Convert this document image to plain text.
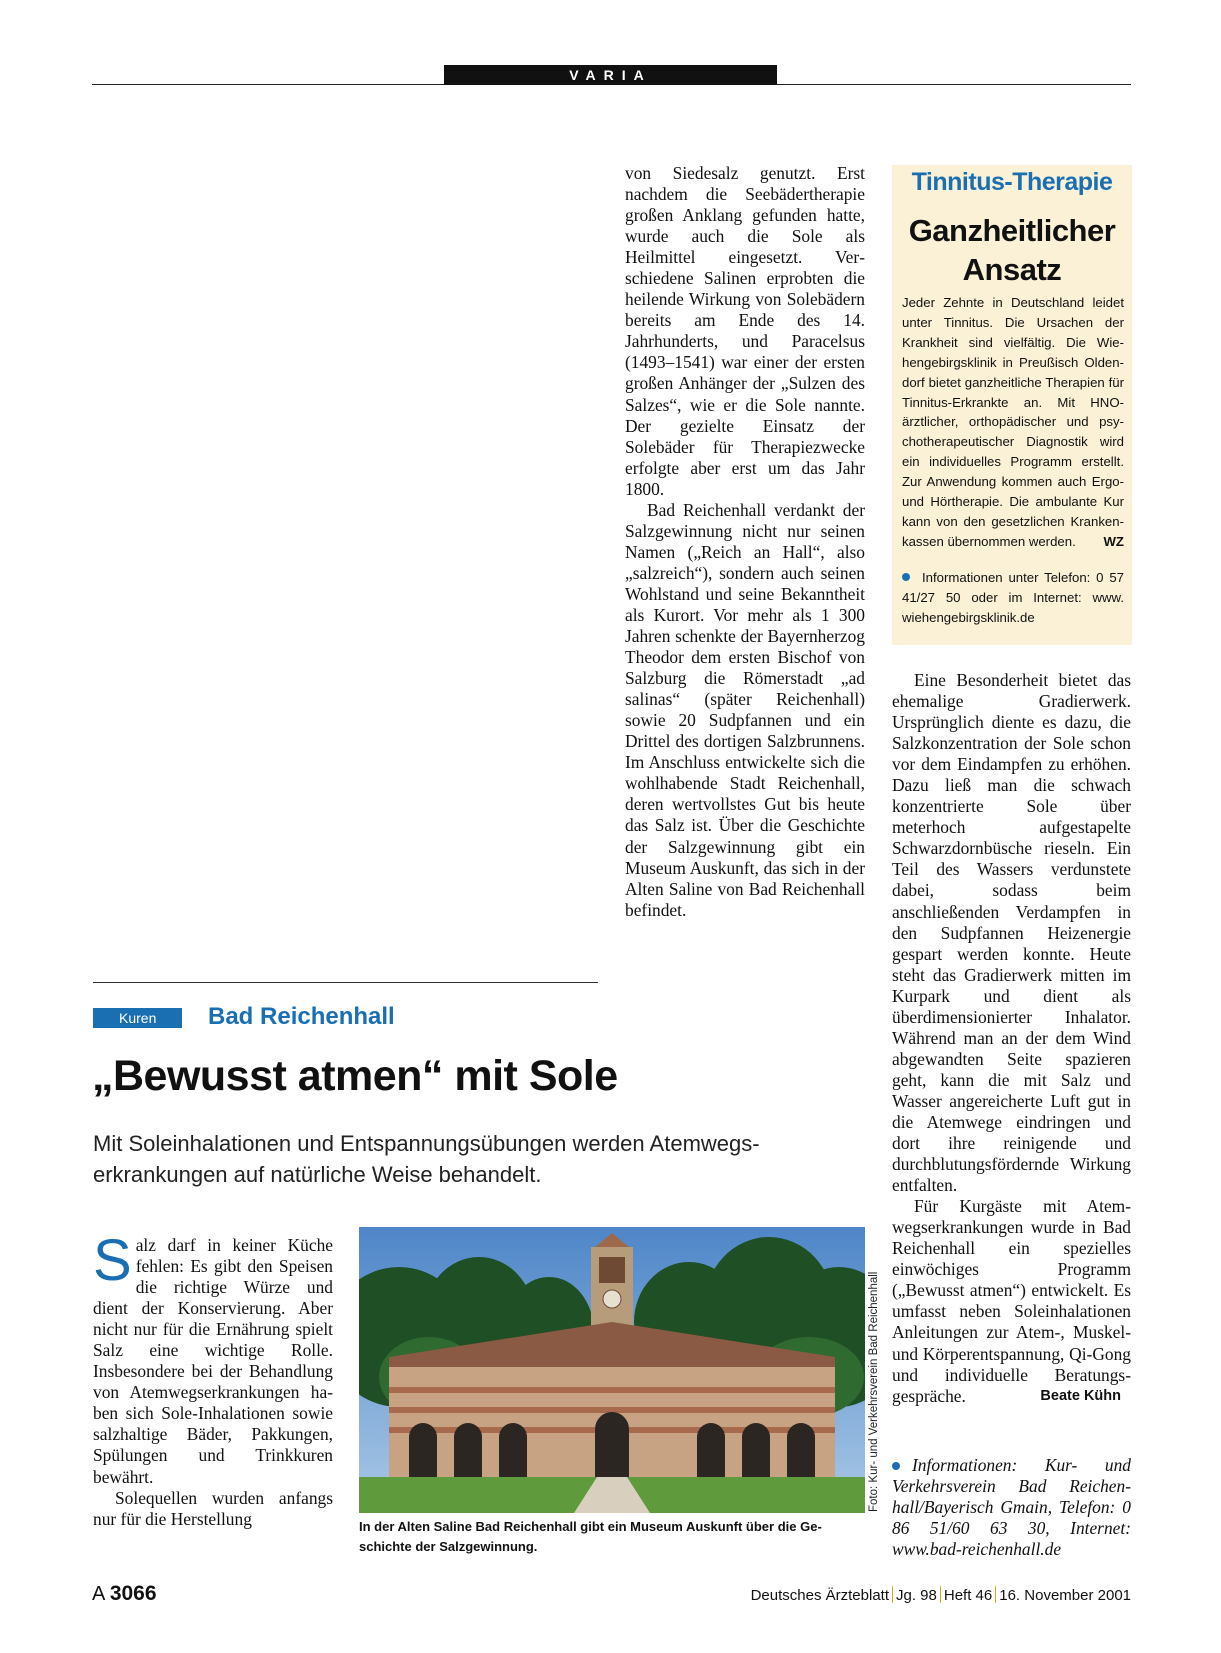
VARIA

von Siedesalz genutzt. Erst nachdem die Seebädertherapie großen Anklang gefunden hatte, wurde auch die Sole als Heilmittel eingesetzt. Verschiedene Salinen erprobten die heilende Wirkung von Solebädern bereits am Ende des 14. Jahrhunderts, und Paracelsus (1493–1541) war einer der ersten großen Anhänger der „Sulzen des Salzes“, wie er die Sole nannte. Der gezielte Einsatz der Solebäder für Therapiezwecke erfolgte aber erst um das Jahr 1800.

Bad Reichenhall verdankt der Salzgewinnung nicht nur seinen Namen („Reich an Hall“, also „salzreich“), sondern auch seinen Wohlstand und seine Bekanntheit als Kurort. Vor mehr als 1 300 Jahren schenkte der Bayernherzog Theodor dem ersten Bischof von Salzburg die Römerstadt „ad salinas“ (später Reichenhall) sowie 20 Sudpfannen und ein Drittel des dortigen Salzbrunnens. Im Anschluss entwickelte sich die wohlhabende Stadt Reichenhall, deren wertvollstes Gut bis heute das Salz ist. Über die Geschichte der Salzgewinnung gibt ein Museum Auskunft, das sich in der Alten Saline von Bad Reichenhall befindet.

Tinnitus-Therapie
Ganzheitlicher Ansatz
Jeder Zehnte in Deutschland leidet unter Tinnitus. Die Ursachen der Krankheit sind vielfältig. Die Wiehengebirgsklinik in Preußisch Oldendorf bietet ganzheitliche Therapien für Tinnitus-Erkrankte an. Mit HNO-ärztlicher, orthopädischer und psychotherapeutischer Diagnostik wird ein individuelles Programm erstellt. Zur Anwendung kommen auch Ergo- und Hörtherapie. Die ambulante Kur kann von den gesetzlichen Krankenkassen übernommen werden. WZ
Informationen unter Telefon: 0 57 41/27 50 oder im Internet: www. wiehengebirgsklinik.de

Eine Besonderheit bietet das ehemalige Gradierwerk. Ursprünglich diente es dazu, die Salzkonzentration der Sole schon vor dem Eindampfen zu erhöhen. Dazu ließ man die schwach konzentrierte Sole über meterhoch aufgestapelte Schwarzdornbüsche rieseln. Ein Teil des Wassers verdunstete dabei, sodass beim anschließenden Verdampfen in den Sudpfannen Heizenergie gespart werden konnte. Heute steht das Gradierwerk mitten im Kurpark und dient als überdimensionierter Inhalator. Während man an der dem Wind abgewandten Seite spazieren geht, kann die mit Salz und Wasser angereicherte Luft gut in die Atemwege eindringen und dort ihre reinigende und durchblutungsfördernde Wirkung entfalten.

Für Kurgäste mit Atemwegserkrankungen wurde in Bad Reichenhall ein spezielles einwöchiges Programm („Bewusst atmen“) entwickelt. Es umfasst neben Soleinhalationen Anleitungen zur Atem-, Muskel- und Körperentspannung, Qi-Gong und individuelle Beratungsgespräche.	Beate Kühn

Informationen: Kur- und Verkehrsverein Bad Reichenhall/Bayerisch Gmain, Telefon: 0 86 51/60 63 30, Internet: www.bad-reichenhall.de
Kuren	Bad Reichenhall
„Bewusst atmen“ mit Sole
Mit Soleinhalationen und Entspannungsübungen werden Atemwegserkrankungen auf natürliche Weise behandelt.

Salz darf in keiner Küche fehlen: Es gibt den Speisen die richtige Würze und dient der Konservierung. Aber nicht nur für die Ernährung spielt Salz eine wichtige Rolle. Insbesondere bei der Behandlung von Atemwegserkrankungen haben sich Sole-Inhalationen sowie salzhaltige Bäder, Pakkungen, Spülungen und Trinkkuren bewährt.

Solequellen wurden anfangs nur für die Herstellung

Foto: Kur- und Verkehrsverein Bad Reichenhall
In der Alten Saline Bad Reichenhall gibt ein Museum Auskunft über die Geschichte der Salzgewinnung.
A 3066	Deutsches Ärzteblatt Jg. 98 Heft 46 16. November 2001
